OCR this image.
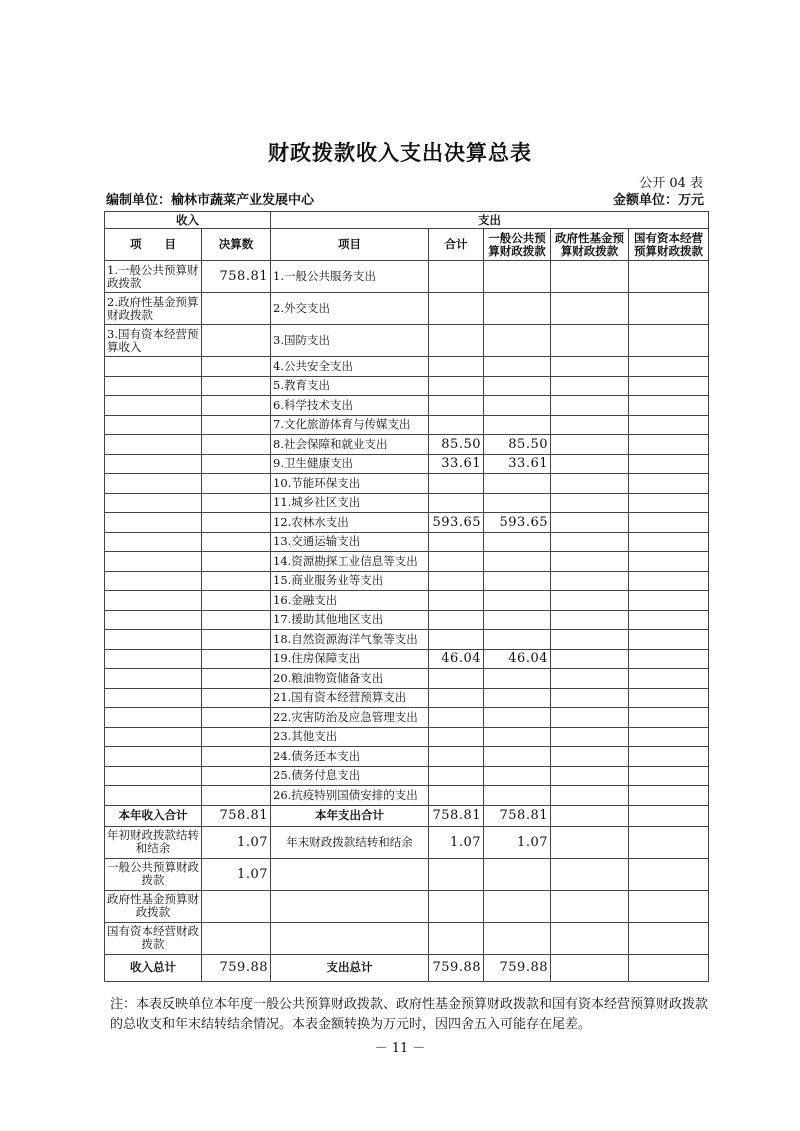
财政拨款收入支出决算总表
公开 04 表
编制单位：榆林市蔬菜产业发展中心	金额单位：万元
收入		支出				
项　　目	决算数	项目	合计	一般公共预算财政拨款	政府性基金预算财政拨款	国有资本经营预算财政拨款
1.一般公共预算财政拨款	758.81	1.一般公共服务支出				
2.政府性基金预算财政拨款		2.外交支出				
3.国有资本经营预算收入		3.国防支出				
		4.公共安全支出				
		5.教育支出				
		6.科学技术支出				
		7.文化旅游体育与传媒支出				
		8.社会保障和就业支出	85.50	85.50		
		9.卫生健康支出	33.61	33.61		
		10.节能环保支出				
		11.城乡社区支出				
		12.农林水支出	593.65	593.65		
		13.交通运输支出				
		14.资源勘探工业信息等支出				
		15.商业服务业等支出				
		16.金融支出				
		17.援助其他地区支出				
		18.自然资源海洋气象等支出				
		19.住房保障支出	46.04	46.04		
		20.粮油物资储备支出				
		21.国有资本经营预算支出				
		22.灾害防治及应急管理支出				
		23.其他支出				
		24.债务还本支出				
		25.债务付息支出				
		26.抗疫特别国债安排的支出				
本年收入合计	758.81	本年支出合计	758.81	758.81		
年初财政拨款结转和结余	1.07	年末财政拨款结转和结余	1.07	1.07		
一般公共预算财政拨款	1.07					
政府性基金预算财政拨款						
国有资本经营财政拨款						
收入总计	759.88	支出总计	759.88	759.88		
注：本表反映单位本年度一般公共预算财政拨款、政府性基金预算财政拨款和国有资本经营预算财政拨款的总收支和年末结转结余情况。本表金额转换为万元时，因四舍五入可能存在尾差。
－ 11 －
